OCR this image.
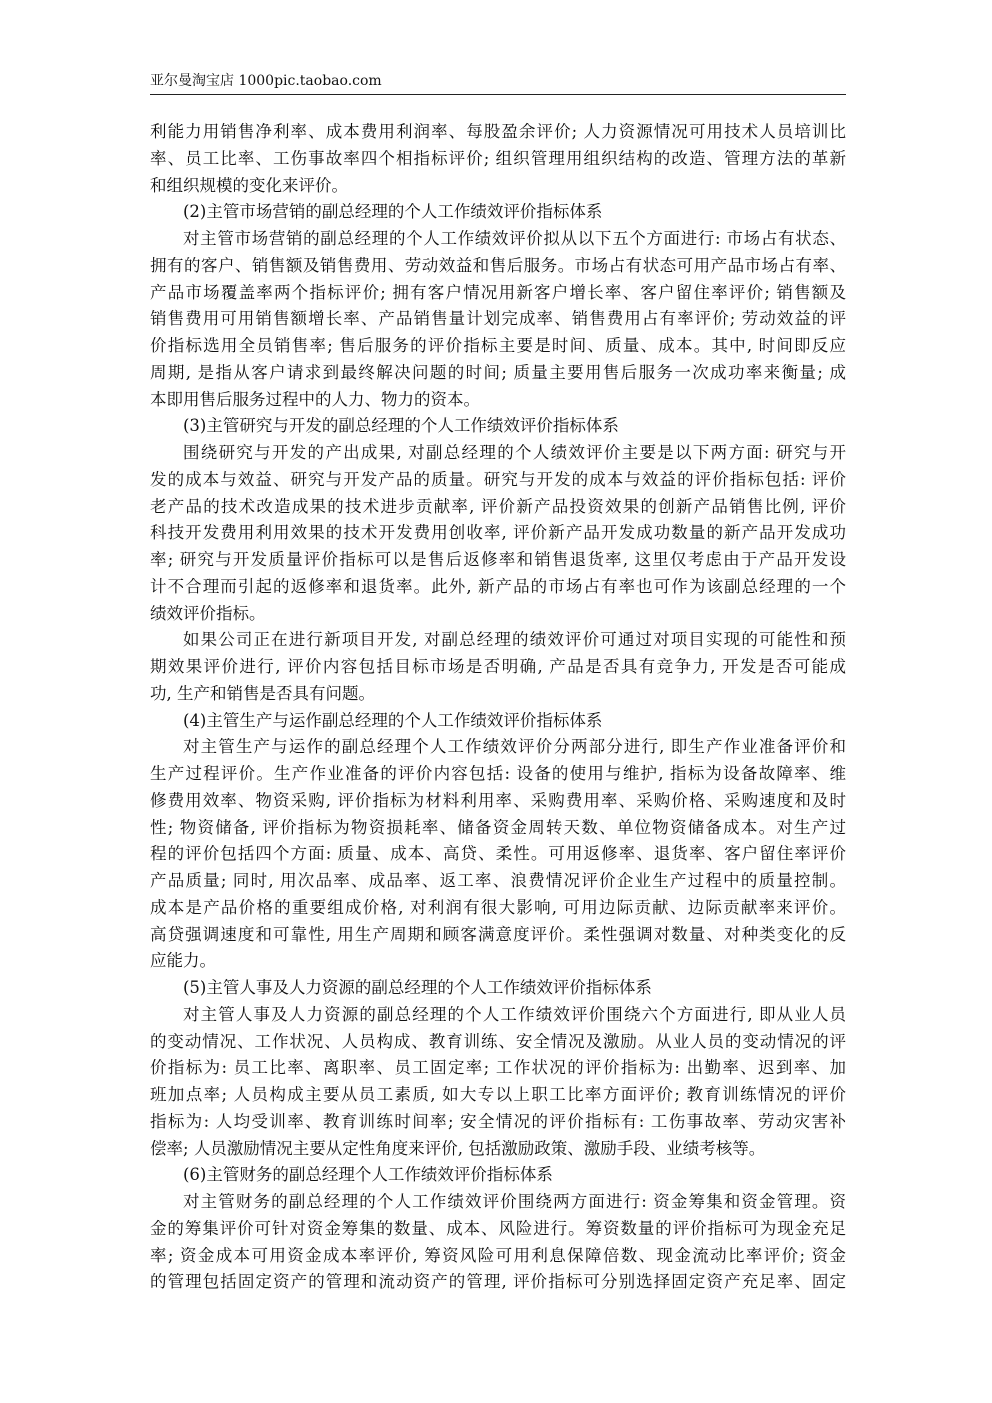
亚尔曼淘宝店 1000pic.taobao.com
利能力用销售净利率、成本费用利润率、每股盈余评价; 人力资源情况可用技术人员培训比
率、员工比率、工伤事故率四个相指标评价; 组织管理用组织结构的改造、管理方法的革新
和组织规模的变化来评价。
(2)主管市场营销的副总经理的个人工作绩效评价指标体系
对主管市场营销的副总经理的个人工作绩效评价拟从以下五个方面进行: 市场占有状态、
拥有的客户、销售额及销售费用、劳动效益和售后服务。市场占有状态可用产品市场占有率、
产品市场覆盖率两个指标评价; 拥有客户情况用新客户增长率、客户留住率评价; 销售额及
销售费用可用销售额增长率、产品销售量计划完成率、销售费用占有率评价; 劳动效益的评
价指标选用全员销售率; 售后服务的评价指标主要是时间、质量、成本。其中, 时间即反应
周期, 是指从客户请求到最终解决问题的时间; 质量主要用售后服务一次成功率来衡量; 成
本即用售后服务过程中的人力、物力的资本。
(3)主管研究与开发的副总经理的个人工作绩效评价指标体系
围绕研究与开发的产出成果, 对副总经理的个人绩效评价主要是以下两方面: 研究与开
发的成本与效益、研究与开发产品的质量。研究与开发的成本与效益的评价指标包括: 评价
老产品的技术改造成果的技术进步贡献率, 评价新产品投资效果的创新产品销售比例, 评价
科技开发费用利用效果的技术开发费用创收率, 评价新产品开发成功数量的新产品开发成功
率; 研究与开发质量评价指标可以是售后返修率和销售退货率, 这里仅考虑由于产品开发设
计不合理而引起的返修率和退货率。此外, 新产品的市场占有率也可作为该副总经理的一个
绩效评价指标。
如果公司正在进行新项目开发, 对副总经理的绩效评价可通过对项目实现的可能性和预
期效果评价进行, 评价内容包括目标市场是否明确, 产品是否具有竞争力, 开发是否可能成
功, 生产和销售是否具有问题。
(4)主管生产与运作副总经理的个人工作绩效评价指标体系
对主管生产与运作的副总经理个人工作绩效评价分两部分进行, 即生产作业准备评价和
生产过程评价。生产作业准备的评价内容包括: 设备的使用与维护, 指标为设备故障率、维
修费用效率、物资采购, 评价指标为材料利用率、采购费用率、采购价格、采购速度和及时
性; 物资储备, 评价指标为物资损耗率、储备资金周转天数、单位物资储备成本。对生产过
程的评价包括四个方面: 质量、成本、高贷、柔性。可用返修率、退货率、客户留住率评价
产品质量; 同时, 用次品率、成品率、返工率、浪费情况评价企业生产过程中的质量控制。
成本是产品价格的重要组成价格, 对利润有很大影响, 可用边际贡献、边际贡献率来评价。
高贷强调速度和可靠性, 用生产周期和顾客满意度评价。柔性强调对数量、对种类变化的反
应能力。
(5)主管人事及人力资源的副总经理的个人工作绩效评价指标体系
对主管人事及人力资源的副总经理的个人工作绩效评价围绕六个方面进行, 即从业人员
的变动情况、工作状况、人员构成、教育训练、安全情况及激励。从业人员的变动情况的评
价指标为: 员工比率、离职率、员工固定率; 工作状况的评价指标为: 出勤率、迟到率、加
班加点率; 人员构成主要从员工素质, 如大专以上职工比率方面评价; 教育训练情况的评价
指标为: 人均受训率、教育训练时间率; 安全情况的评价指标有: 工伤事故率、劳动灾害补
偿率; 人员激励情况主要从定性角度来评价, 包括激励政策、激励手段、业绩考核等。
(6)主管财务的副总经理个人工作绩效评价指标体系
对主管财务的副总经理的个人工作绩效评价围绕两方面进行: 资金筹集和资金管理。资
金的筹集评价可针对资金筹集的数量、成本、风险进行。筹资数量的评价指标可为现金充足
率; 资金成本可用资金成本率评价, 筹资风险可用利息保障倍数、现金流动比率评价; 资金
的管理包括固定资产的管理和流动资产的管理, 评价指标可分别选择固定资产充足率、固定
